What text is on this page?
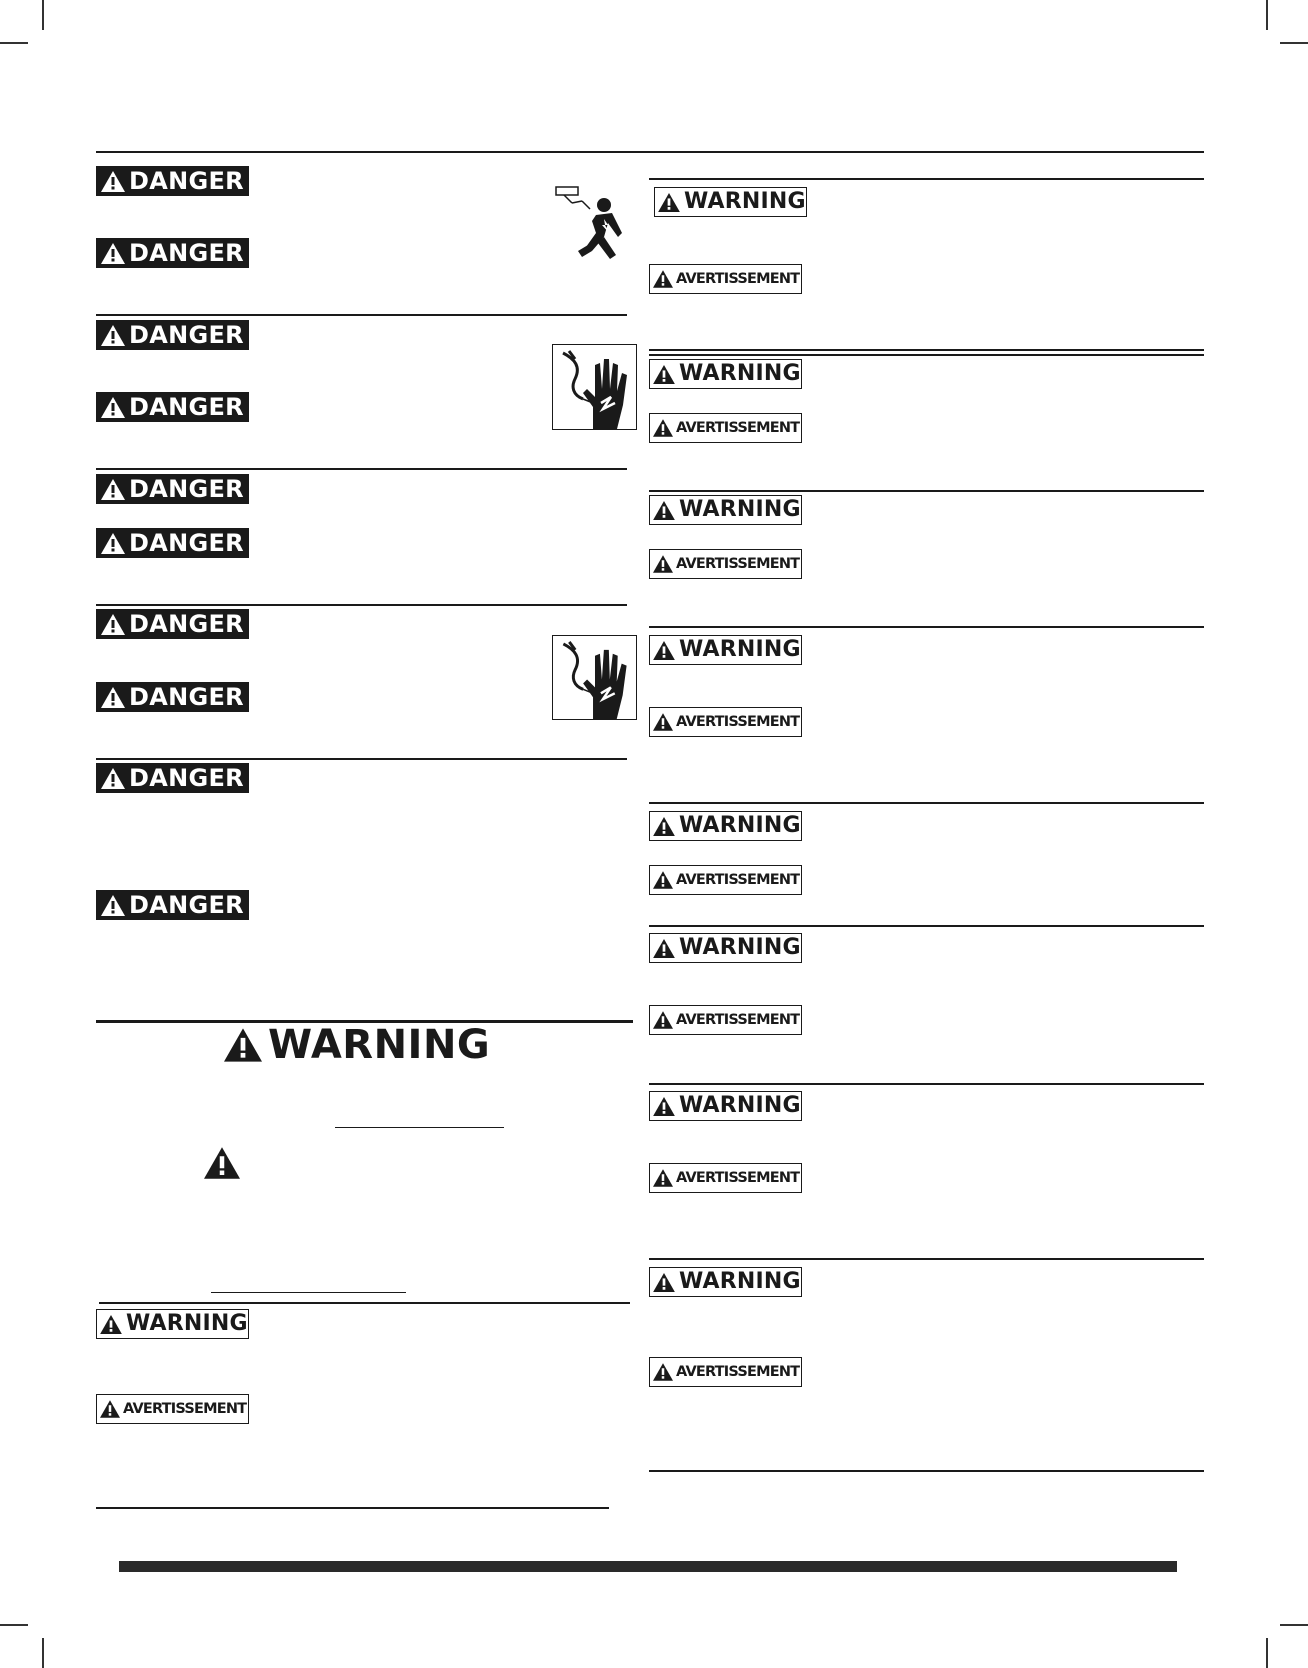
DANGER
DANGER
DANGER
DANGER
DANGER
DANGER
DANGER
DANGER
DANGER
DANGER
WARNING
WARNING
AVERTISSEMENT
WARNING
AVERTISSEMENT
WARNING
AVERTISSEMENT
WARNING
AVERTISSEMENT
WARNING
AVERTISSEMENT
WARNING
AVERTISSEMENT
WARNING
AVERTISSEMENT
WARNING
AVERTISSEMENT
WARNING
AVERTISSEMENT
